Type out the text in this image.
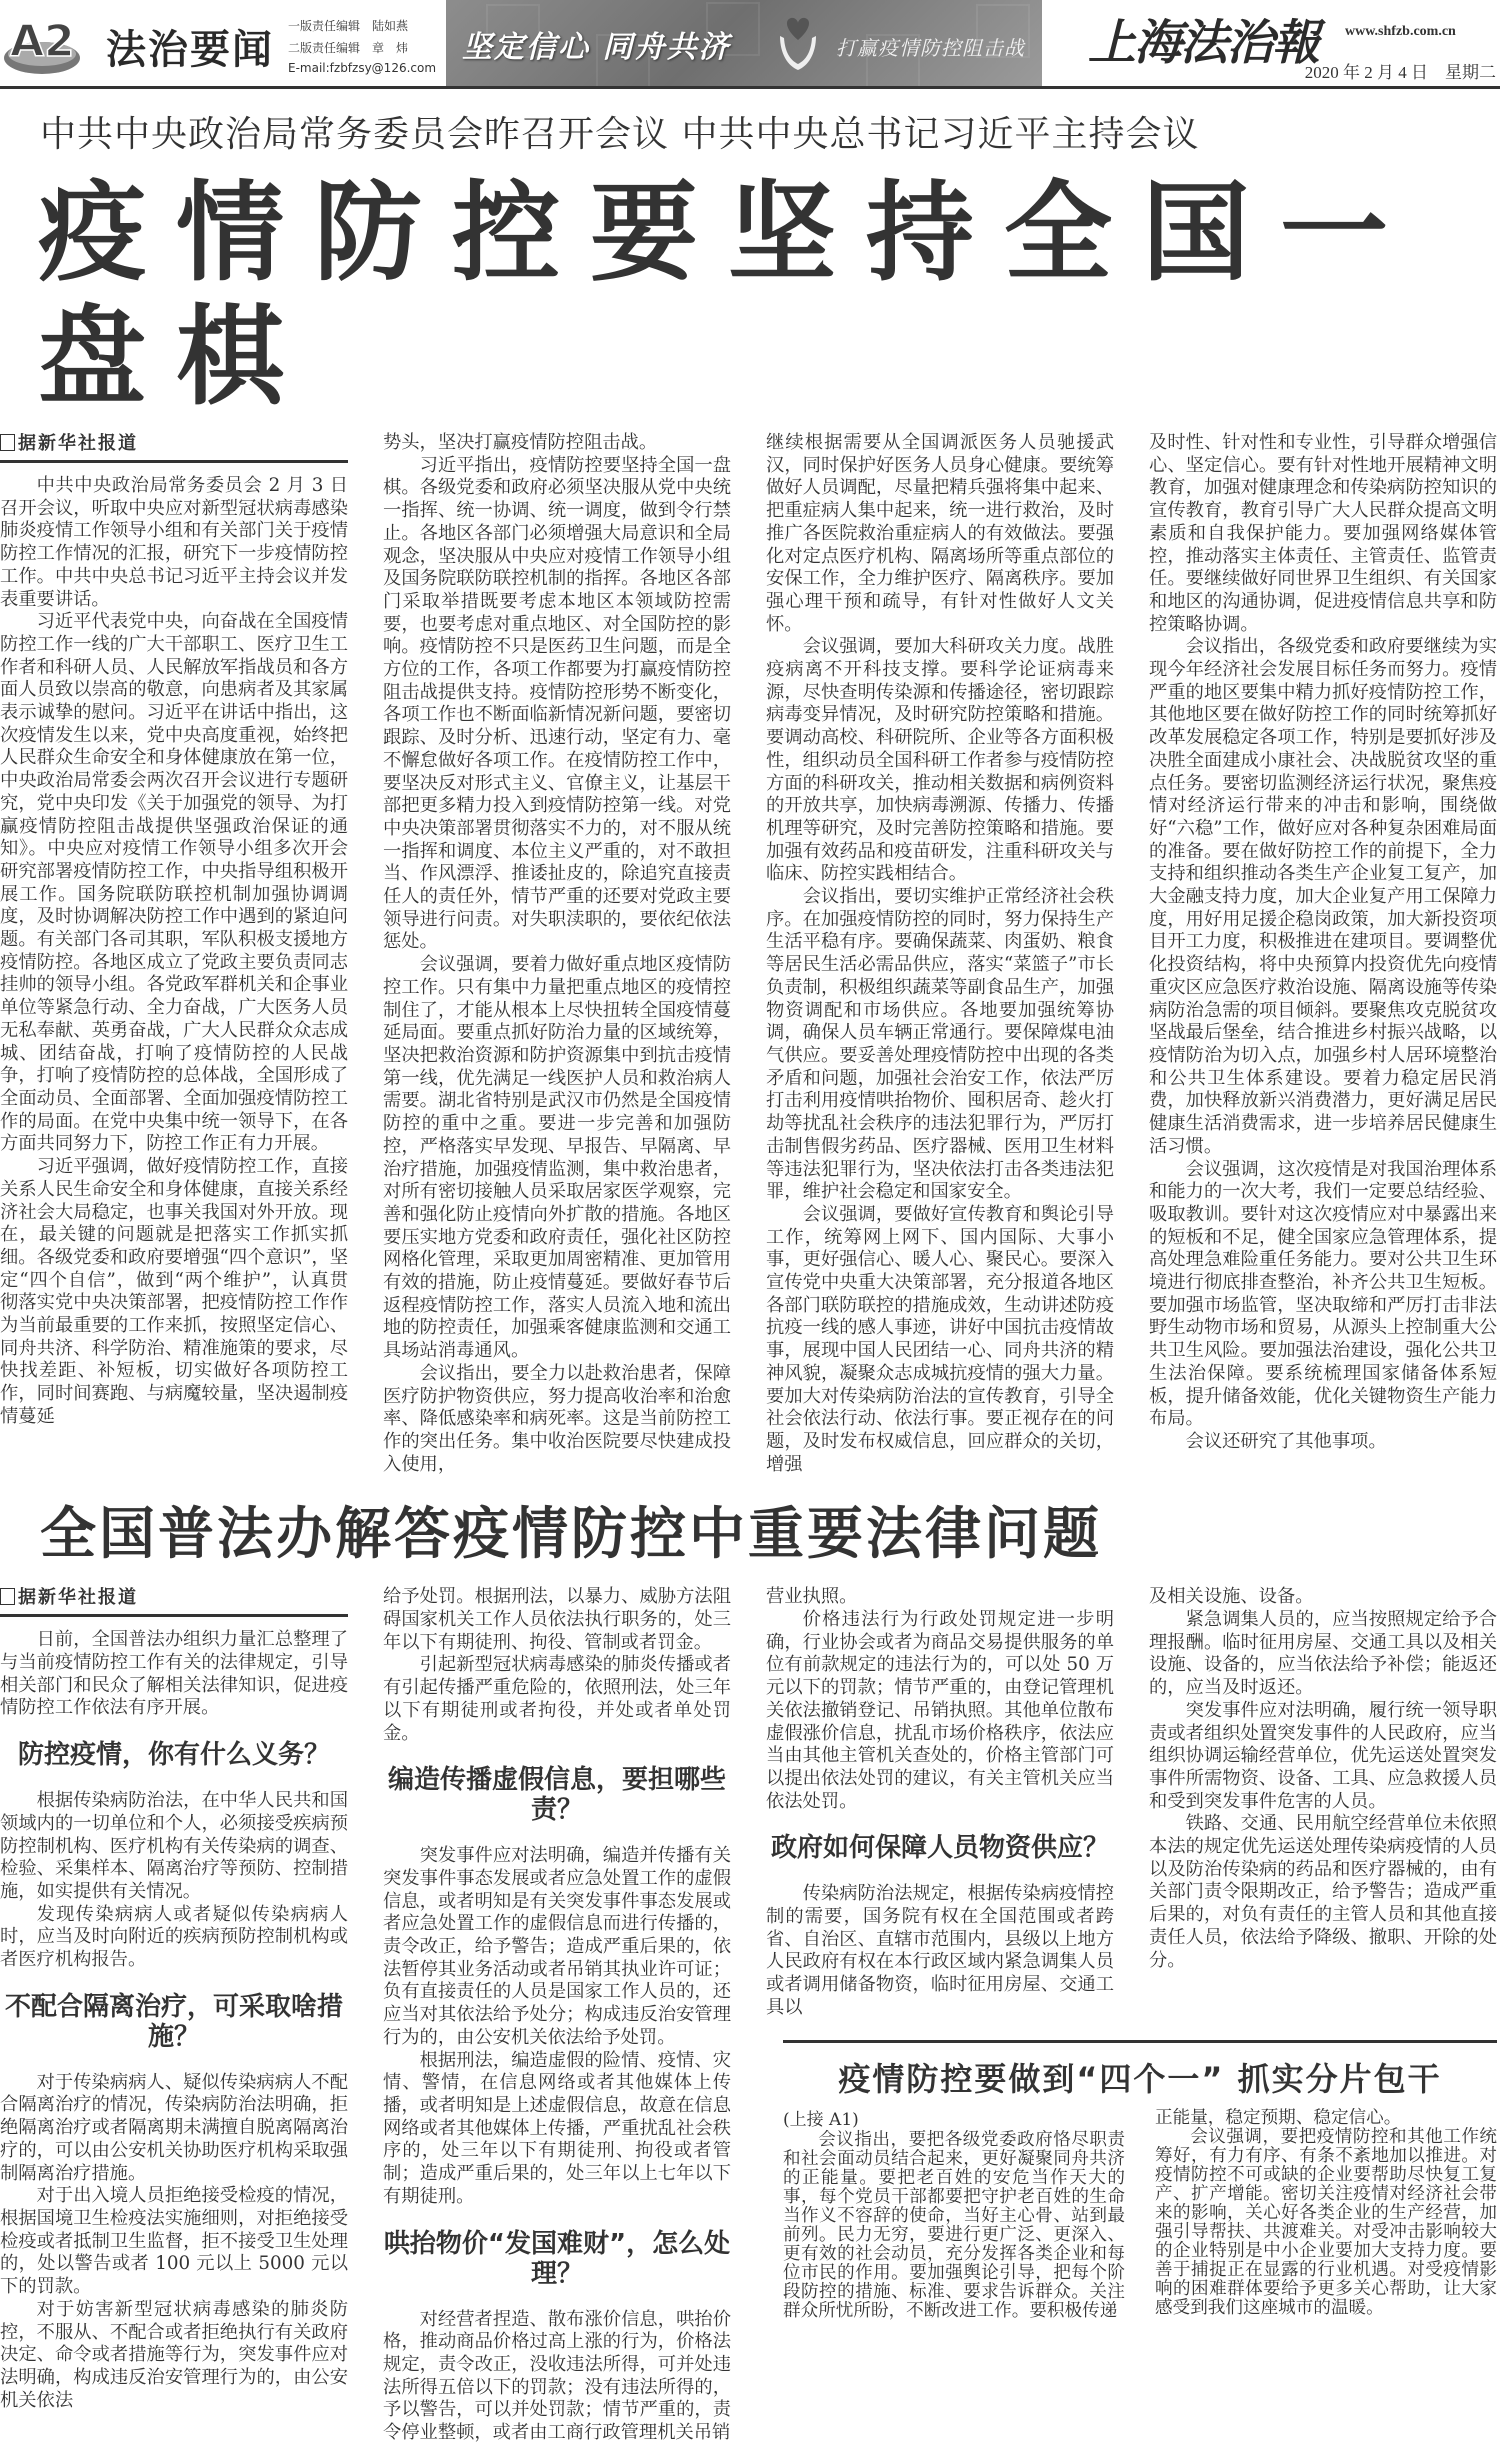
A2 法治要闻
一版责任编辑　陆如燕
二版责任编辑　章　炜
E-mail:fzbfzsy@126.com
坚定信心 同舟共济	打赢疫情防控阻击战 上海法治報 www.shfzb.com.cn
2020 年 2 月 4 日　星期二
中共中央政治局常务委员会昨召开会议 中共中央总书记习近平主持会议
疫情防控要坚持全国一盘棋
据新华社报道

中共中央政治局常务委员会 2 月 3 日召开会议，听取中央应对新型冠状病毒感染肺炎疫情工作领导小组和有关部门关于疫情防控工作情况的汇报，研究下一步疫情防控工作。中共中央总书记习近平主持会议并发表重要讲话。

习近平代表党中央，向奋战在全国疫情防控工作一线的广大干部职工、医疗卫生工作者和科研人员、人民解放军指战员和各方面人员致以崇高的敬意，向患病者及其家属表示诚挚的慰问。习近平在讲话中指出，这次疫情发生以来，党中央高度重视，始终把人民群众生命安全和身体健康放在第一位，中央政治局常委会两次召开会议进行专题研究，党中央印发《关于加强党的领导、为打赢疫情防控阻击战提供坚强政治保证的通知》。中央应对疫情工作领导小组多次开会研究部署疫情防控工作，中央指导组积极开展工作。国务院联防联控机制加强协调调度，及时协调解决防控工作中遇到的紧迫问题。有关部门各司其职，军队积极支援地方疫情防控。各地区成立了党政主要负责同志挂帅的领导小组。各党政军群机关和企事业单位等紧急行动、全力奋战，广大医务人员无私奉献、英勇奋战，广大人民群众众志成城、团结奋战，打响了疫情防控的人民战争，打响了疫情防控的总体战，全国形成了全面动员、全面部署、全面加强疫情防控工作的局面。在党中央集中统一领导下，在各方面共同努力下，防控工作正有力开展。

习近平强调，做好疫情防控工作，直接关系人民生命安全和身体健康，直接关系经济社会大局稳定，也事关我国对外开放。现在，最关键的问题就是把落实工作抓实抓细。各级党委和政府要增强“四个意识”，坚定“四个自信”，做到“两个维护”，认真贯彻落实党中央决策部署，把疫情防控工作作为当前最重要的工作来抓，按照坚定信心、同舟共济、科学防治、精准施策的要求，尽快找差距、补短板，切实做好各项防控工作，同时间赛跑、与病魔较量，坚决遏制疫情蔓延

势头，坚决打赢疫情防控阻击战。

习近平指出，疫情防控要坚持全国一盘棋。各级党委和政府必须坚决服从党中央统一指挥、统一协调、统一调度，做到令行禁止。各地区各部门必须增强大局意识和全局观念，坚决服从中央应对疫情工作领导小组及国务院联防联控机制的指挥。各地区各部门采取举措既要考虑本地区本领域防控需要，也要考虑对重点地区、对全国防控的影响。疫情防控不只是医药卫生问题，而是全方位的工作，各项工作都要为打赢疫情防控阻击战提供支持。疫情防控形势不断变化，各项工作也不断面临新情况新问题，要密切跟踪、及时分析、迅速行动，坚定有力、毫不懈怠做好各项工作。在疫情防控工作中，要坚决反对形式主义、官僚主义，让基层干部把更多精力投入到疫情防控第一线。对党中央决策部署贯彻落实不力的，对不服从统一指挥和调度、本位主义严重的，对不敢担当、作风漂浮、推诿扯皮的，除追究直接责任人的责任外，情节严重的还要对党政主要领导进行问责。对失职渎职的，要依纪依法惩处。

会议强调，要着力做好重点地区疫情防控工作。只有集中力量把重点地区的疫情控制住了，才能从根本上尽快扭转全国疫情蔓延局面。要重点抓好防治力量的区域统筹，坚决把救治资源和防护资源集中到抗击疫情第一线，优先满足一线医护人员和救治病人需要。湖北省特别是武汉市仍然是全国疫情防控的重中之重。要进一步完善和加强防控，严格落实早发现、早报告、早隔离、早治疗措施，加强疫情监测，集中救治患者，对所有密切接触人员采取居家医学观察，完善和强化防止疫情向外扩散的措施。各地区要压实地方党委和政府责任，强化社区防控网格化管理，采取更加周密精准、更加管用有效的措施，防止疫情蔓延。要做好春节后返程疫情防控工作，落实人员流入地和流出地的防控责任，加强乘客健康监测和交通工具场站消毒通风。

会议指出，要全力以赴救治患者，保障医疗防护物资供应，努力提高收治率和治愈率、降低感染率和病死率。这是当前防控工作的突出任务。集中收治医院要尽快建成投入使用，

继续根据需要从全国调派医务人员驰援武汉，同时保护好医务人员身心健康。要统筹做好人员调配，尽量把精兵强将集中起来、把重症病人集中起来，统一进行救治，及时推广各医院救治重症病人的有效做法。要强化对定点医疗机构、隔离场所等重点部位的安保工作，全力维护医疗、隔离秩序。要加强心理干预和疏导，有针对性做好人文关怀。

会议强调，要加大科研攻关力度。战胜疫病离不开科技支撑。要科学论证病毒来源，尽快查明传染源和传播途径，密切跟踪病毒变异情况，及时研究防控策略和措施。要调动高校、科研院所、企业等各方面积极性，组织动员全国科研工作者参与疫情防控方面的科研攻关，推动相关数据和病例资料的开放共享，加快病毒溯源、传播力、传播机理等研究，及时完善防控策略和措施。要加强有效药品和疫苗研发，注重科研攻关与临床、防控实践相结合。

会议指出，要切实维护正常经济社会秩序。在加强疫情防控的同时，努力保持生产生活平稳有序。要确保蔬菜、肉蛋奶、粮食等居民生活必需品供应，落实“菜篮子”市长负责制，积极组织蔬菜等副食品生产，加强物资调配和市场供应。各地要加强统筹协调，确保人员车辆正常通行。要保障煤电油气供应。要妥善处理疫情防控中出现的各类矛盾和问题，加强社会治安工作，依法严厉打击利用疫情哄抬物价、囤积居奇、趁火打劫等扰乱社会秩序的违法犯罪行为，严厉打击制售假劣药品、医疗器械、医用卫生材料等违法犯罪行为，坚决依法打击各类违法犯罪，维护社会稳定和国家安全。

会议强调，要做好宣传教育和舆论引导工作，统筹网上网下、国内国际、大事小事，更好强信心、暖人心、聚民心。要深入宣传党中央重大决策部署，充分报道各地区各部门联防联控的措施成效，生动讲述防疫抗疫一线的感人事迹，讲好中国抗击疫情故事，展现中国人民团结一心、同舟共济的精神风貌，凝聚众志成城抗疫情的强大力量。要加大对传染病防治法的宣传教育，引导全社会依法行动、依法行事。要正视存在的问题，及时发布权威信息，回应群众的关切，增强

及时性、针对性和专业性，引导群众增强信心、坚定信心。要有针对性地开展精神文明教育，加强对健康理念和传染病防控知识的宣传教育，教育引导广大人民群众提高文明素质和自我保护能力。要加强网络媒体管控，推动落实主体责任、主管责任、监管责任。要继续做好同世界卫生组织、有关国家和地区的沟通协调，促进疫情信息共享和防控策略协调。

会议指出，各级党委和政府要继续为实现今年经济社会发展目标任务而努力。疫情严重的地区要集中精力抓好疫情防控工作，其他地区要在做好防控工作的同时统筹抓好改革发展稳定各项工作，特别是要抓好涉及决胜全面建成小康社会、决战脱贫攻坚的重点任务。要密切监测经济运行状况，聚焦疫情对经济运行带来的冲击和影响，围绕做好“六稳”工作，做好应对各种复杂困难局面的准备。要在做好防控工作的前提下，全力支持和组织推动各类生产企业复工复产，加大金融支持力度，加大企业复产用工保障力度，用好用足援企稳岗政策，加大新投资项目开工力度，积极推进在建项目。要调整优化投资结构，将中央预算内投资优先向疫情重灾区应急医疗救治设施、隔离设施等传染病防治急需的项目倾斜。要聚焦攻克脱贫攻坚战最后堡垒，结合推进乡村振兴战略，以疫情防治为切入点，加强乡村人居环境整治和公共卫生体系建设。要着力稳定居民消费，加快释放新兴消费潜力，更好满足居民健康生活消费需求，进一步培养居民健康生活习惯。

会议强调，这次疫情是对我国治理体系和能力的一次大考，我们一定要总结经验、吸取教训。要针对这次疫情应对中暴露出来的短板和不足，健全国家应急管理体系，提高处理急难险重任务能力。要对公共卫生环境进行彻底排查整治，补齐公共卫生短板。要加强市场监管，坚决取缔和严厉打击非法野生动物市场和贸易，从源头上控制重大公共卫生风险。要加强法治建设，强化公共卫生法治保障。要系统梳理国家储备体系短板，提升储备效能，优化关键物资生产能力布局。

会议还研究了其他事项。

全国普法办解答疫情防控中重要法律问题
据新华社报道

日前，全国普法办组织力量汇总整理了与当前疫情防控工作有关的法律规定，引导相关部门和民众了解相关法律知识，促进疫情防控工作依法有序开展。

防控疫情，你有什么义务？

根据传染病防治法，在中华人民共和国领域内的一切单位和个人，必须接受疾病预防控制机构、医疗机构有关传染病的调查、检验、采集样本、隔离治疗等预防、控制措施，如实提供有关情况。

发现传染病病人或者疑似传染病病人时，应当及时向附近的疾病预防控制机构或者医疗机构报告。

不配合隔离治疗，可采取啥措施？

对于传染病病人、疑似传染病病人不配合隔离治疗的情况，传染病防治法明确，拒绝隔离治疗或者隔离期未满擅自脱离隔离治疗的，可以由公安机关协助医疗机构采取强制隔离治疗措施。

对于出入境人员拒绝接受检疫的情况，根据国境卫生检疫法实施细则，对拒绝接受检疫或者抵制卫生监督，拒不接受卫生处理的，处以警告或者 100 元以上 5000 元以下的罚款。

对于妨害新型冠状病毒感染的肺炎防控，不服从、不配合或者拒绝执行有关政府决定、命令或者措施等行为，突发事件应对法明确，构成违反治安管理行为的，由公安机关依法

给予处罚。根据刑法，以暴力、威胁方法阻碍国家机关工作人员依法执行职务的，处三年以下有期徒刑、拘役、管制或者罚金。

引起新型冠状病毒感染的肺炎传播或者有引起传播严重危险的，依照刑法，处三年以下有期徒刑或者拘役，并处或者单处罚金。

编造传播虚假信息，要担哪些责？

突发事件应对法明确，编造并传播有关突发事件事态发展或者应急处置工作的虚假信息，或者明知是有关突发事件事态发展或者应急处置工作的虚假信息而进行传播的，责令改正，给予警告；造成严重后果的，依法暂停其业务活动或者吊销其执业许可证；负有直接责任的人员是国家工作人员的，还应当对其依法给予处分；构成违反治安管理行为的，由公安机关依法给予处罚。

根据刑法，编造虚假的险情、疫情、灾情、警情，在信息网络或者其他媒体上传播，或者明知是上述虚假信息，故意在信息网络或者其他媒体上传播，严重扰乱社会秩序的，处三年以下有期徒刑、拘役或者管制；造成严重后果的，处三年以上七年以下有期徒刑。

哄抬物价“发国难财”，怎么处理？

对经营者捏造、散布涨价信息，哄抬价格，推动商品价格过高上涨的行为，价格法规定，责令改正，没收违法所得，可并处违法所得五倍以下的罚款；没有违法所得的，予以警告，可以并处罚款；情节严重的，责令停业整顿，或者由工商行政管理机关吊销

营业执照。

价格违法行为行政处罚规定进一步明确，行业协会或者为商品交易提供服务的单位有前款规定的违法行为的，可以处 50 万元以下的罚款；情节严重的，由登记管理机关依法撤销登记、吊销执照。其他单位散布虚假涨价信息，扰乱市场价格秩序，依法应当由其他主管机关查处的，价格主管部门可以提出依法处罚的建议，有关主管机关应当依法处罚。

政府如何保障人员物资供应？

传染病防治法规定，根据传染病疫情控制的需要，国务院有权在全国范围或者跨省、自治区、直辖市范围内，县级以上地方人民政府有权在本行政区域内紧急调集人员或者调用储备物资，临时征用房屋、交通工具以

及相关设施、设备。

紧急调集人员的，应当按照规定给予合理报酬。临时征用房屋、交通工具以及相关设施、设备的，应当依法给予补偿；能返还的，应当及时返还。

突发事件应对法明确，履行统一领导职责或者组织处置突发事件的人民政府，应当组织协调运输经营单位，优先运送处置突发事件所需物资、设备、工具、应急救援人员和受到突发事件危害的人员。

铁路、交通、民用航空经营单位未依照本法的规定优先运送处理传染病疫情的人员以及防治传染病的药品和医疗器械的，由有关部门责令限期改正，给予警告；造成严重后果的，对负有责任的主管人员和其他直接责任人员，依法给予降级、撤职、开除的处分。

疫情防控要做到“四个一” 抓实分片包干
(上接 A1)

会议指出，要把各级党委政府恪尽职责和社会面动员结合起来，更好凝聚同舟共济的正能量。要把老百姓的安危当作天大的事，每个党员干部都要把守护老百姓的生命当作义不容辞的使命，当好主心骨、站到最前列。民力无穷，要进行更广泛、更深入、更有效的社会动员，充分发挥各类企业和每位市民的作用。要加强舆论引导，把每个阶段防控的措施、标准、要求告诉群众。关注群众所忧所盼，不断改进工作。要积极传递

正能量，稳定预期、稳定信心。

会议强调，要把疫情防控和其他工作统筹好，有力有序、有条不紊地加以推进。对疫情防控不可或缺的企业要帮助尽快复工复产、扩产增能。密切关注疫情对经济社会带来的影响，关心好各类企业的生产经营，加强引导帮扶、共渡难关。对受冲击影响较大的企业特别是中小企业要加大支持力度。要善于捕捉正在显露的行业机遇。对受疫情影响的困难群体要给予更多关心帮助，让大家感受到我们这座城市的温暖。
